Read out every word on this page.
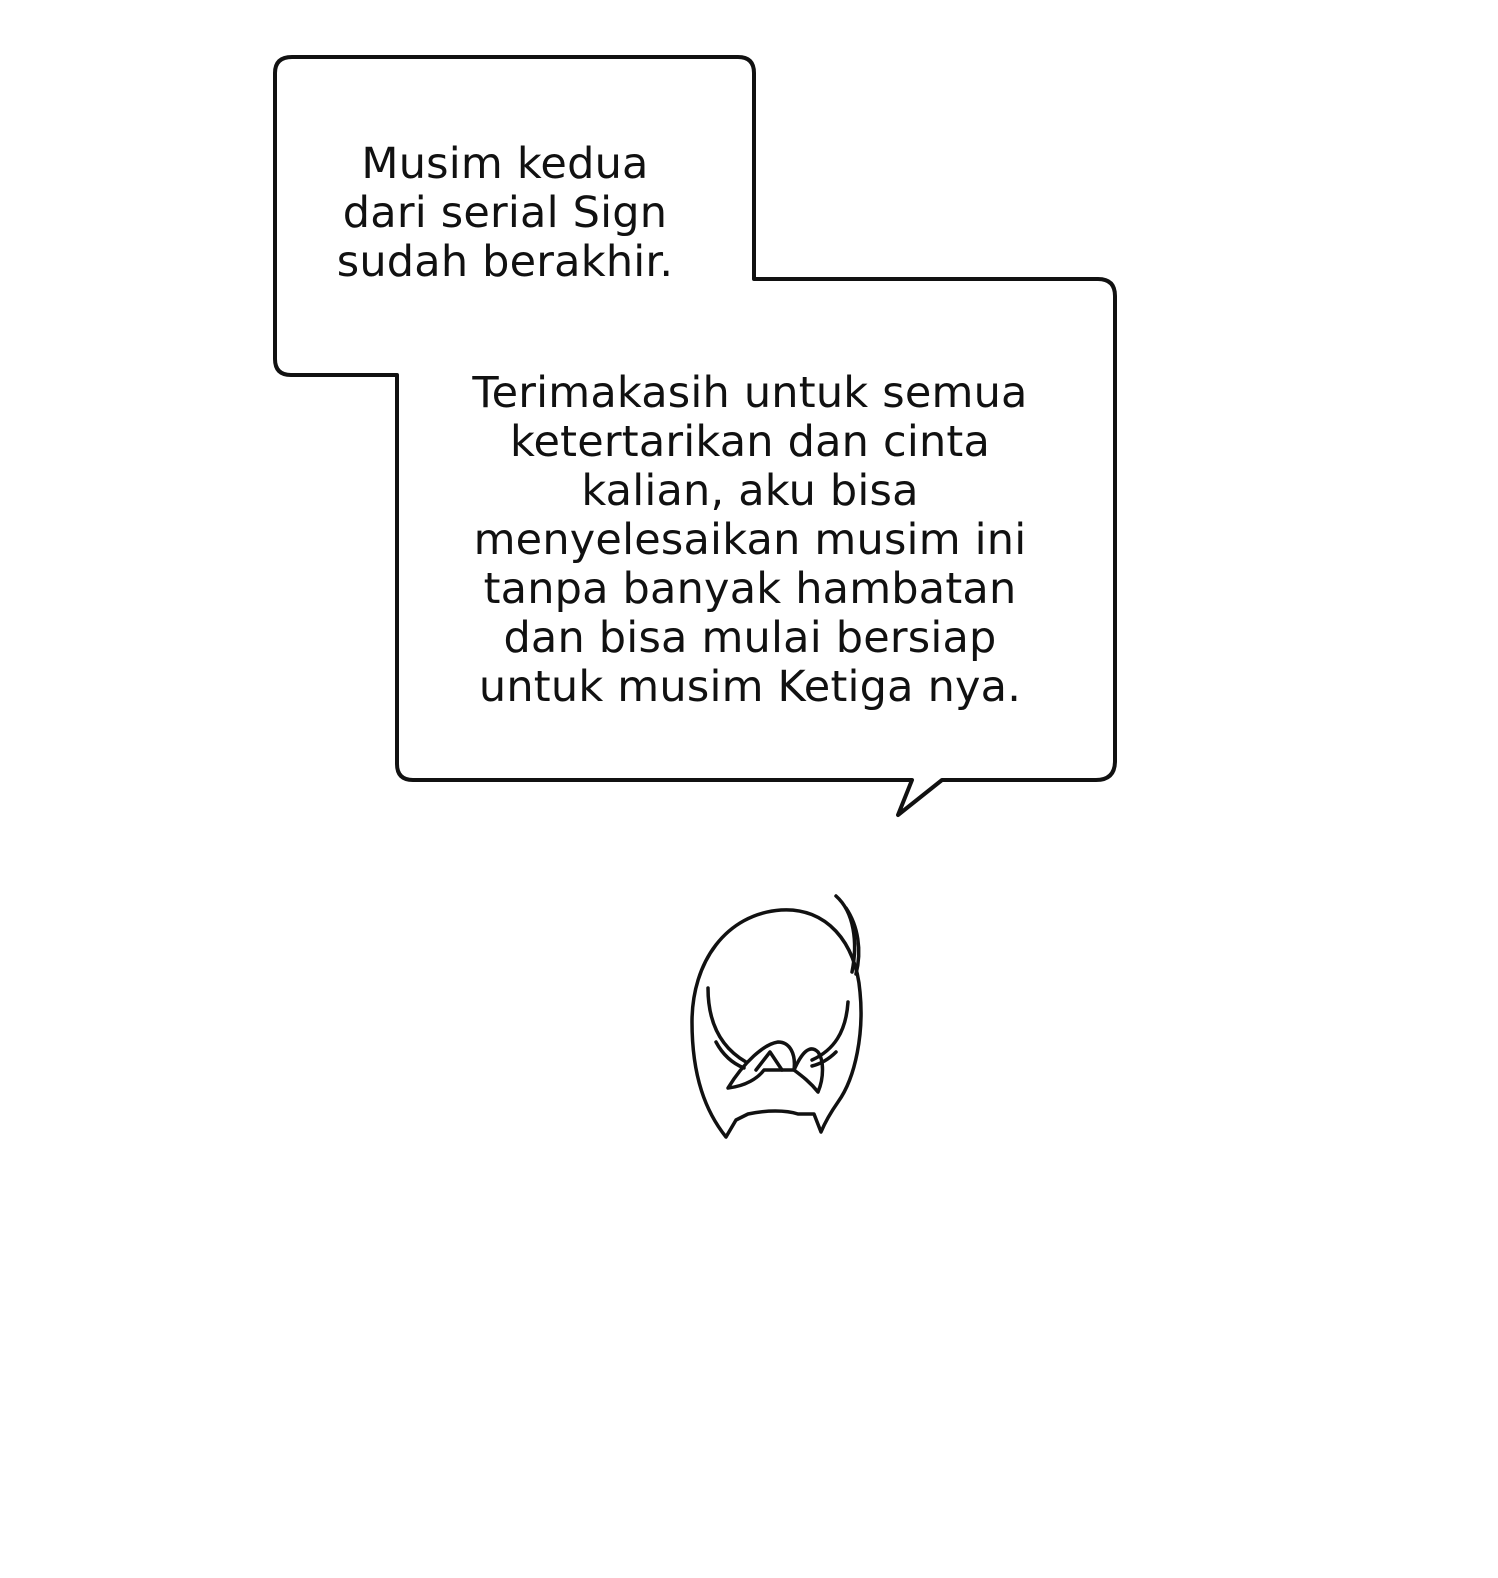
Musim kedua
dari serial Sign
sudah berakhir.
Terimakasih untuk semua
ketertarikan dan cinta
kalian, aku bisa
menyelesaikan musim ini
tanpa banyak hambatan
dan bisa mulai bersiap
untuk musim Ketiga nya.
